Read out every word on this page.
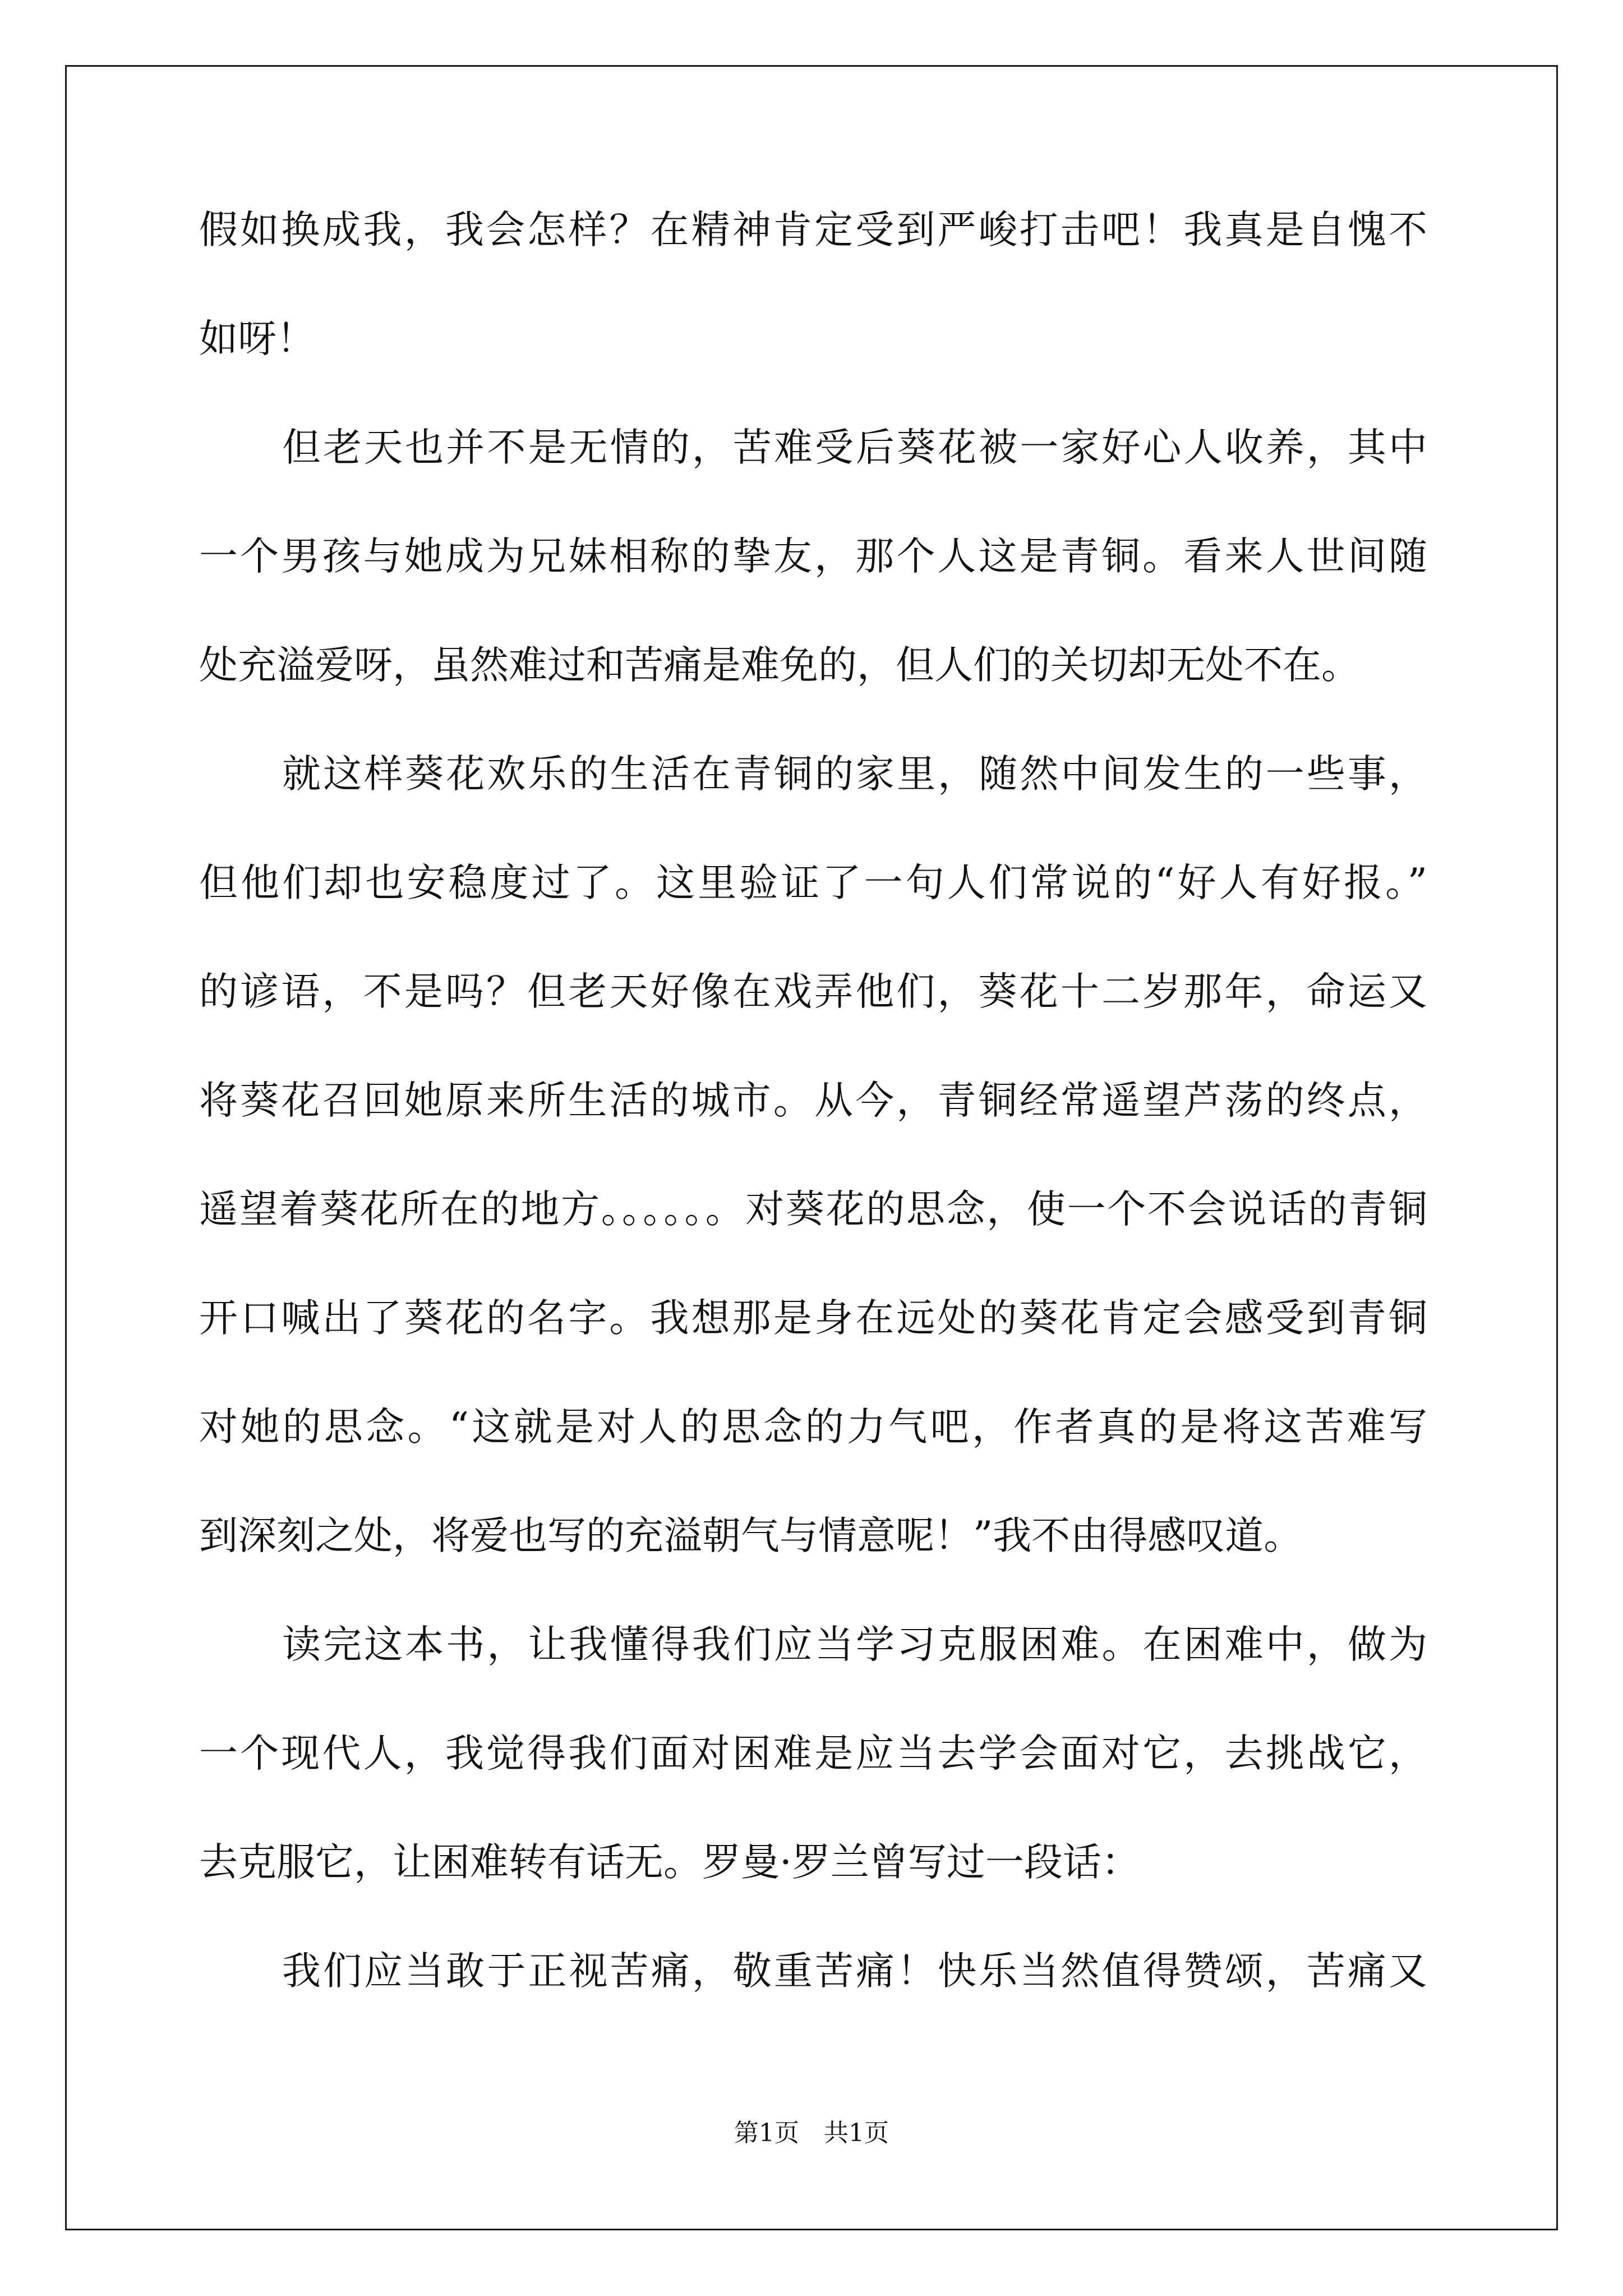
假如换成我，我会怎样？在精神肯定受到严峻打击吧！我真是自愧不
如呀！
但老天也并不是无情的，苦难受后葵花被一家好心人收养，其中
一个男孩与她成为兄妹相称的挚友，那个人这是青铜。看来人世间随
处充溢爱呀，虽然难过和苦痛是难免的，但人们的关切却无处不在。
就这样葵花欢乐的生活在青铜的家里，随然中间发生的一些事，
但他们却也安稳度过了。这里验证了一句人们常说的“好人有好报。”
的谚语，不是吗？但老天好像在戏弄他们，葵花十二岁那年，命运又
将葵花召回她原来所生活的城市。从今，青铜经常遥望芦荡的终点，
遥望着葵花所在的地方。。。。。。对葵花的思念，使一个不会说话的青铜
开口喊出了葵花的名字。我想那是身在远处的葵花肯定会感受到青铜
对她的思念。“这就是对人的思念的力气吧，作者真的是将这苦难写
到深刻之处，将爱也写的充溢朝气与情意呢！”我不由得感叹道。
读完这本书，让我懂得我们应当学习克服困难。在困难中，做为
一个现代人，我觉得我们面对困难是应当去学会面对它，去挑战它，
去克服它，让困难转有话无。罗曼·罗兰曾写过一段话：
我们应当敢于正视苦痛，敬重苦痛！快乐当然值得赞颂，苦痛又
第1页　共1页
